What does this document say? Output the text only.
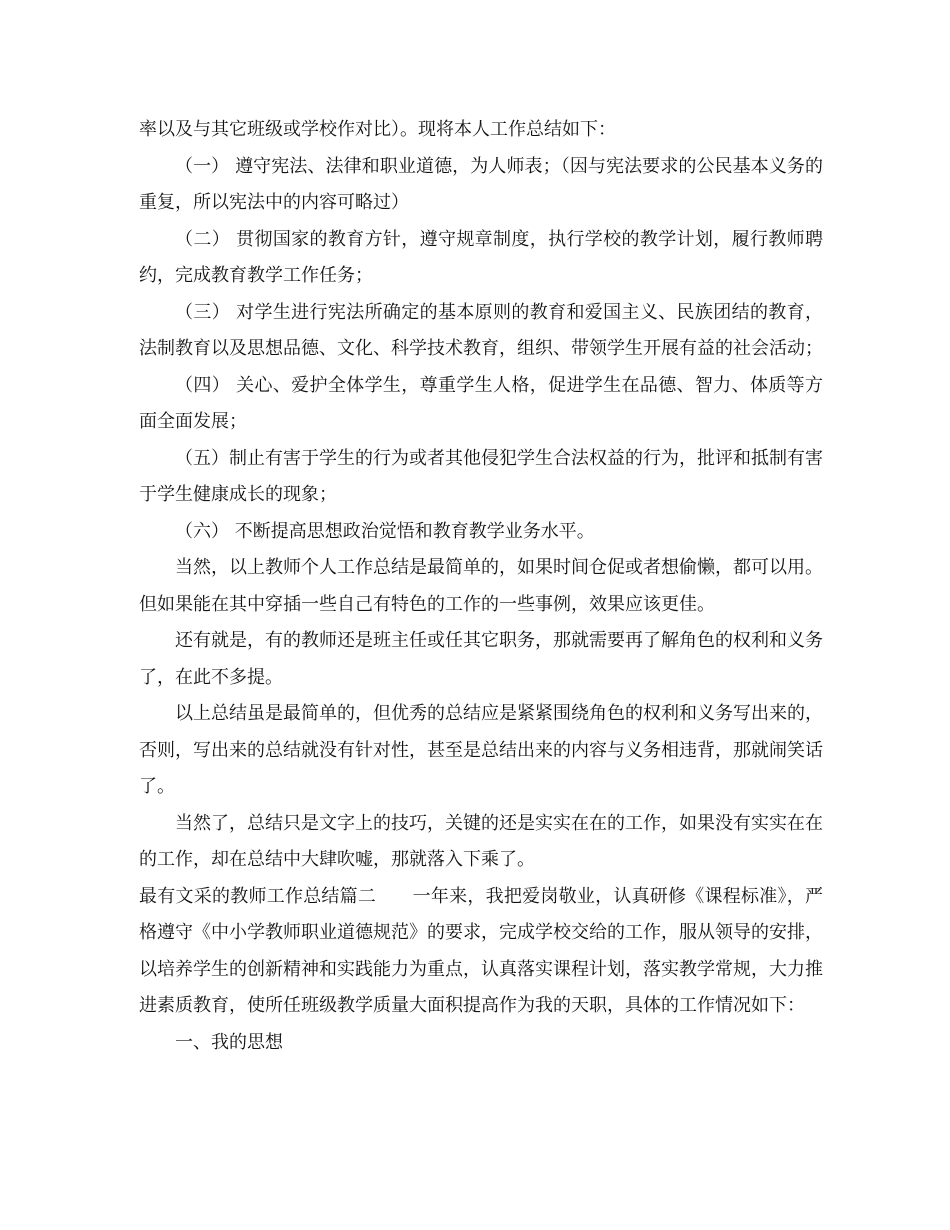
率以及与其它班级或学校作对比）。现将本人工作总结如下：

（一） 遵守宪法、法律和职业道德，为人师表；（因与宪法要求的公民基本义务的重复，所以宪法中的内容可略过）

（二） 贯彻国家的教育方针，遵守规章制度，执行学校的教学计划，履行教师聘约，完成教育教学工作任务；

（三） 对学生进行宪法所确定的基本原则的教育和爱国主义、民族团结的教育，法制教育以及思想品德、文化、科学技术教育，组织、带领学生开展有益的社会活动；

（四） 关心、爱护全体学生，尊重学生人格，促进学生在品德、智力、体质等方面全面发展；

（五）制止有害于学生的行为或者其他侵犯学生合法权益的行为，批评和抵制有害于学生健康成长的现象；

（六） 不断提高思想政治觉悟和教育教学业务水平。

当然，以上教师个人工作总结是最简单的，如果时间仓促或者想偷懒，都可以用。但如果能在其中穿插一些自己有特色的工作的一些事例，效果应该更佳。

还有就是，有的教师还是班主任或任其它职务，那就需要再了解角色的权利和义务了，在此不多提。

以上总结虽是最简单的，但优秀的总结应是紧紧围绕角色的权利和义务写出来的，否则，写出来的总结就没有针对性，甚至是总结出来的内容与义务相违背，那就闹笑话了。

当然了，总结只是文字上的技巧，关键的还是实实在在的工作，如果没有实实在在的工作，却在总结中大肆吹嘘，那就落入下乘了。

最有文采的教师工作总结篇二　　一年来，我把爱岗敬业，认真研修《课程标准》，严格遵守《中小学教师职业道德规范》的要求，完成学校交给的工作，服从领导的安排，以培养学生的创新精神和实践能力为重点，认真落实课程计划，落实教学常规，大力推进素质教育，使所任班级教学质量大面积提高作为我的天职，具体的工作情况如下：

一、我的思想
